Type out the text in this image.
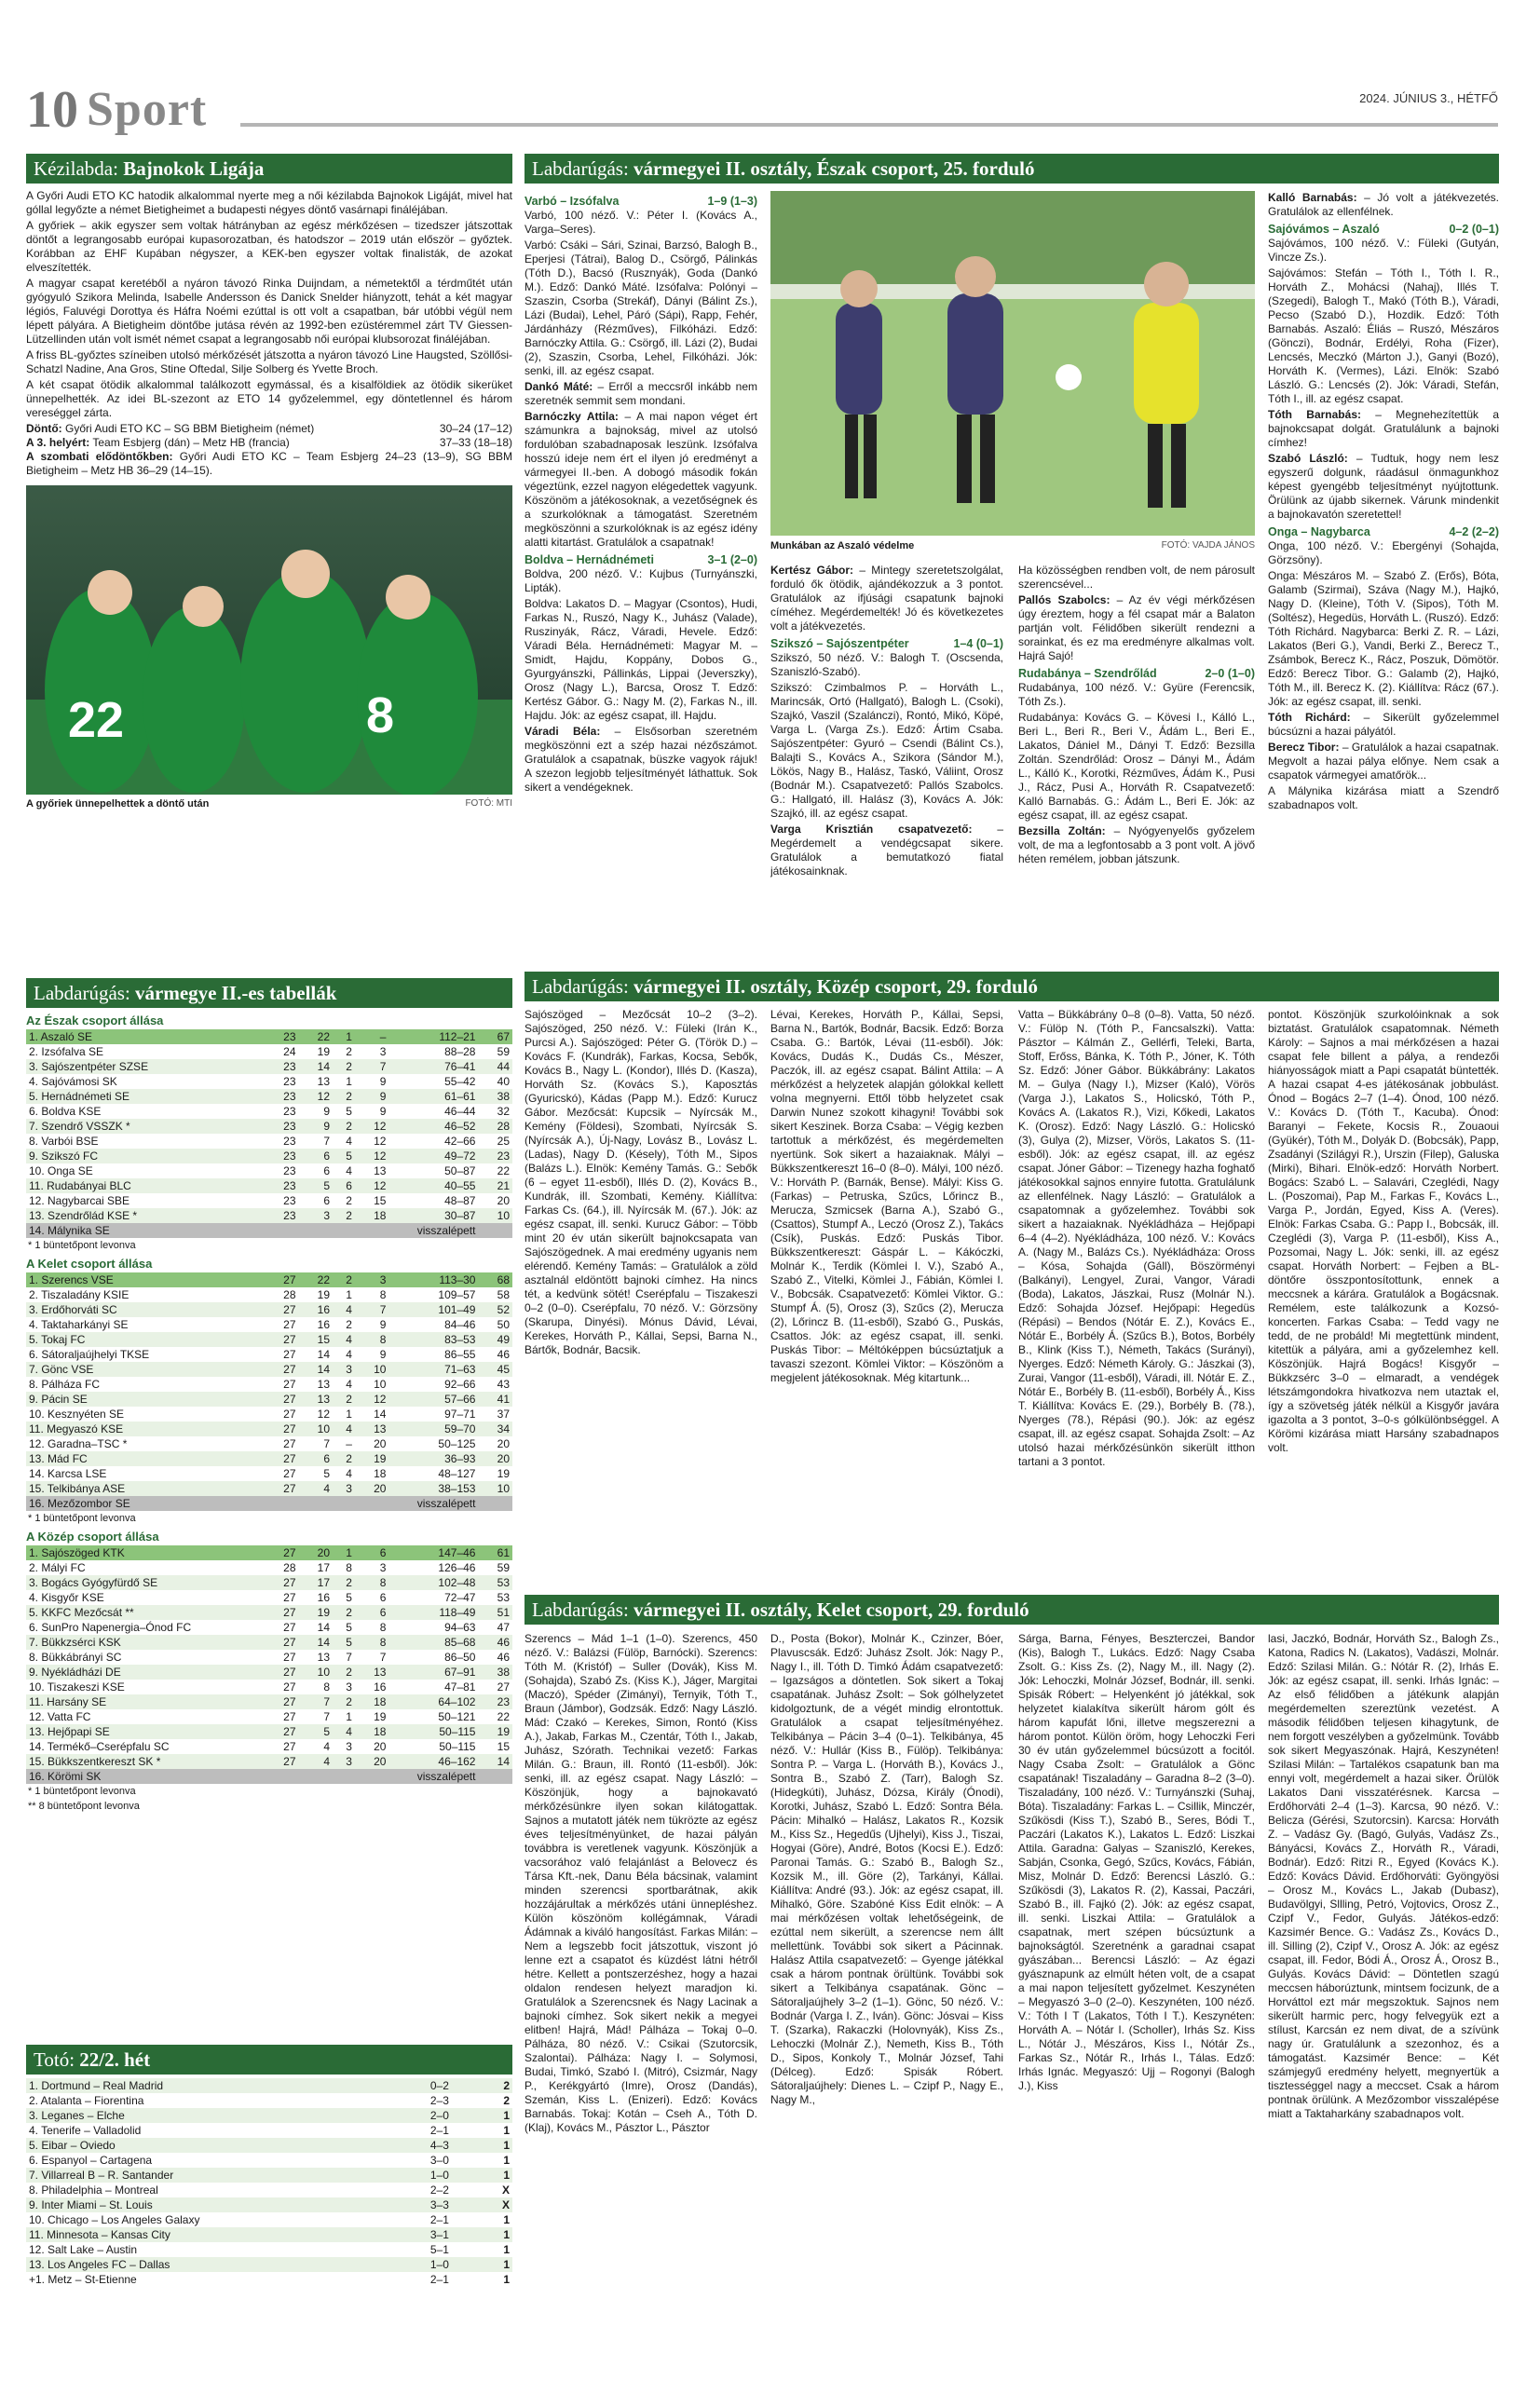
10 Sport	2024. JÚNIUS 3., HÉTFŐ
Kézilabda: Bajnokok Ligája

A Győri Audi ETO KC hatodik alkalommal nyerte meg a női kézilabda Bajnokok Ligáját, mivel hat góllal legyőzte a német Bietigheimet a budapesti négyes döntő vasárnapi fináléjában.

A győriek – akik egyszer sem voltak hátrányban az egész mérkőzésen – tizedszer játszottak döntőt a legrangosabb európai kupasorozatban, és hatodszor – 2019 után először – győztek. Korábban az EHF Kupában négyszer, a KEK-ben egyszer voltak finalisták, de azokat elveszítették.

A magyar csapat keretéből a nyáron távozó Rinka Duijndam, a németektől a térdműtét után gyógyuló Szikora Melinda, Isabelle Andersson és Danick Snelder hiányzott, tehát a két magyar légiós, Faluvégi Dorottya és Háfra Noémi ezúttal is ott volt a csapatban, bár utóbbi végül nem lépett pályára. A Bietigheim döntőbe jutása révén az 1992-ben ezüstéremmel zárt TV Giessen-Lützellinden után volt ismét német csapat a legrangosabb női európai klubsorozat fináléjában.

A friss BL-győztes színeiben utolsó mérkőzését játszotta a nyáron távozó Line Haugsted, Szöllősi-Schatzl Nadine, Ana Gros, Stine Oftedal, Silje Solberg és Yvette Broch.

A két csapat ötödik alkalommal találkozott egymással, és a kisalföldiek az ötödik sikerüket ünnepelhették. Az idei BL-szezont az ETO 14 győzelemmel, egy döntetlennel és három vereséggel zárta.

Döntő: Győri Audi ETO KC – SG BBM Bietigheim (német)	30–24 (17–12)
A 3. helyért: Team Esbjerg (dán) – Metz HB (francia)	37–33 (18–18)
A szombati elődöntőkben: Győri Audi ETO KC – Team Esbjerg 24–23 (13–9), SG BBM Bietigheim – Metz HB 36–29 (14–15).
22	8
A győriek ünnepelhettek a döntő után	FOTÓ: MTI
Labdarúgás: vármegye II.-es tabellák
Az Észak csoport állása
1. Aszaló SE	23	22	1	–	112–21	67
2. Izsófalva SE	24	19	2	3	88–28	59
3. Sajószentpéter SZSE	23	14	2	7	76–41	44
4. Sajóvámosi SK	23	13	1	9	55–42	40
5. Hernádnémeti SE	23	12	2	9	61–61	38
6. Boldva KSE	23	9	5	9	46–44	32
7. Szendrő VSSZK *	23	9	2	12	46–52	28
8. Varbói BSE	23	7	4	12	42–66	25
9. Szikszó FC	23	6	5	12	49–72	23
10. Onga SE	23	6	4	13	50–87	22
11. Rudabányai BLC	23	5	6	12	40–55	21
12. Nagybarcai SBE	23	6	2	15	48–87	20
13. Szendrőlád KSE *	23	3	2	18	30–87	10
14. Málynika SE					visszalépett	
* 1 büntetőpont levonva
A Kelet csoport állása
1. Szerencs VSE	27	22	2	3	113–30	68
2. Tiszaladány KSIE	28	19	1	8	109–57	58
3. Erdőhorváti SC	27	16	4	7	101–49	52
4. Taktaharkányi SE	27	16	2	9	84–46	50
5. Tokaj FC	27	15	4	8	83–53	49
6. Sátoraljaújhelyi TKSE	27	14	4	9	86–55	46
7. Gönc VSE	27	14	3	10	71–63	45
8. Pálháza FC	27	13	4	10	92–66	43
9. Pácin SE	27	13	2	12	57–66	41
10. Kesznyéten SE	27	12	1	14	97–71	37
11. Megyaszó KSE	27	10	4	13	59–70	34
12. Garadna–TSC *	27	7	–	20	50–125	20
13. Mád FC	27	6	2	19	36–93	20
14. Karcsa LSE	27	5	4	18	48–127	19
15. Telkibánya ASE	27	4	3	20	38–153	10
16. Mezőzombor SE					visszalépett	
* 1 büntetőpont levonva
A Közép csoport állása
1. Sajószöged KTK	27	20	1	6	147–46	61
2. Mályi FC	28	17	8	3	126–46	59
3. Bogács Gyógyfürdő SE	27	17	2	8	102–48	53
4. Kisgyőr KSE	27	16	5	6	72–47	53
5. KKFC Mezőcsát **	27	19	2	6	118–49	51
6. SunPro Napenergia–Ónod FC	27	14	5	8	94–63	47
7. Bükkzsérci KSK	27	14	5	8	85–68	46
8. Bükkábrányi SC	27	13	7	7	86–50	46
9. Nyékládházi DE	27	10	2	13	67–91	38
10. Tiszakeszi KSE	27	8	3	16	47–81	27
11. Harsány SE	27	7	2	18	64–102	23
12. Vatta FC	27	7	1	19	50–121	22
13. Hejőpapi SE	27	5	4	18	50–115	19
14. Termékő–Cserépfalu SC	27	4	3	20	50–115	15
15. Bükkszentkereszt SK *	27	4	3	20	46–162	14
16. Körömi SK					visszalépett	
* 1 büntetőpont levonva
** 8 büntetőpont levonva
Totó: 22/2. hét
1. Dortmund – Real Madrid	0–2	2
2. Atalanta – Fiorentina	2–3	2
3. Leganes – Elche	2–0	1
4. Tenerife – Valladolid	2–1	1
5. Eibar – Oviedo	4–3	1
6. Espanyol – Cartagena	3–0	1
7. Villarreal B – R. Santander	1–0	1
8. Philadelphia – Montreal	2–2	X
9. Inter Miami – St. Louis	3–3	X
10. Chicago – Los Angeles Galaxy	2–1	1
11. Minnesota – Kansas City	3–1	1
12. Salt Lake – Austin	5–1	1
13. Los Angeles FC – Dallas	1–0	1
+1. Metz – St-Etienne	2–1	1
Labdarúgás: vármegyei II. osztály, Észak csoport, 25. forduló
Varbó – Izsófalva	1–9 (1–3)

Varbó, 100 néző. V.: Péter I. (Kovács A., Varga–Seres).

Varbó: Csáki – Sári, Szinai, Barzsó, Balogh B., Eperjesi (Tátrai), Balog D., Csörgő, Pálinkás (Tóth D.), Bacsó (Rusznyák), Goda (Dankó M.). Edző: Dankó Máté. Izsófalva: Polónyi – Szaszin, Csorba (Strekáf), Dányi (Bálint Zs.), Lázi (Budai), Lehel, Páró (Sápi), Rapp, Fehér, Járdánházy (Rézműves), Filkóházi. Edző: Barnóczky Attila. G.: Csörgő, ill. Lázi (2), Budai (2), Szaszin, Csorba, Lehel, Filkóházi. Jók: senki, ill. az egész csapat.

Dankó Máté: – Erről a meccsről inkább nem szeretnék semmit sem mondani.

Barnóczky Attila: – A mai napon véget ért számunkra a bajnokság, mivel az utolsó fordulóban szabadnaposak leszünk. Izsófalva hosszú ideje nem ért el ilyen jó eredményt a vármegyei II.-ben. A dobogó második fokán végeztünk, ezzel nagyon elégedettek vagyunk. Köszönöm a játékosoknak, a vezetőségnek és a szurkolóknak a támogatást. Szeretném megköszönni a szurkolóknak is az egész idény alatti kitartást. Gratulálok a csapatnak!

Boldva – Hernádnémeti	3–1 (2–0)

Boldva, 200 néző. V.: Kujbus (Turnyánszki, Lipták).

Boldva: Lakatos D. – Magyar (Csontos), Hudi, Farkas N., Ruszó, Nagy K., Juhász (Valade), Ruszinyák, Rácz, Váradi, Hevele. Edző: Váradi Béla. Hernádnémeti: Magyar M. – Smidt, Hajdu, Koppány, Dobos G., Gyurgyánszki, Pállinkás, Lippai (Jeverszky), Orosz (Nagy L.), Barcsa, Orosz T. Edző: Kertész Gábor. G.: Nagy M. (2), Farkas N., ill. Hajdu. Jók: az egész csapat, ill. Hajdu.

Váradi Béla: – Elsősorban szeretném megköszönni ezt a szép hazai nézőszámot. Gratulálok a csapatnak, büszke vagyok rájuk! A szezon legjobb teljesítményét láthattuk. Sok sikert a vendégeknek.

Munkában az Aszaló védelme	FOTÓ: VAJDA JÁNOS

Kertész Gábor: – Mintegy szeretetszolgálat, forduló ők ötödik, ajándékozzuk a 3 pontot. Gratulálok az ifjúsági csapatunk bajnoki címéhez. Megérdemelték! Jó és következetes volt a játékvezetés.

Szikszó – Sajószentpéter	1–4 (0–1)

Szikszó, 50 néző. V.: Balogh T. (Oscsenda, Szaniszló-Szabó).

Szikszó: Czimbalmos P. – Horváth L., Marincsák, Ortó (Hallgató), Balogh L. (Csoki), Szajkó, Vaszil (Szalánczi), Rontó, Mikó, Köpé, Varga L. (Varga Zs.). Edző: Ártim Csaba. Sajószentpéter: Gyuró – Csendi (Bálint Cs.), Balajti S., Kovács A., Szikora (Sándor M.), Lökös, Nagy B., Halász, Taskó, Váliint, Orosz (Bodnár M.). Csapatvezető: Pallós Szabolcs. G.: Hallgató, ill. Halász (3), Kovács A. Jók: Szajkó, ill. az egész csapat.

Varga Krisztián csapatvezető: – Megérdemelt a vendégcsapat sikere. Gratulálok a bemutatkozó fiatal játékosainknak.

Ha közösségben rendben volt, de nem párosult szerencsével...

Pallós Szabolcs: – Az év végi mérkőzésen úgy éreztem, hogy a fél csapat már a Balaton partján volt. Félidőben sikerült rendezni a sorainkat, és ez ma eredményre alkalmas volt. Hajrá Sajó!

Rudabánya – Szendrőlád	2–0 (1–0)

Rudabánya, 100 néző. V.: Gyüre (Ferencsik, Tóth Zs.).

Rudabánya: Kovács G. – Kövesi I., Kálló L., Beri L., Beri R., Beri V., Ádám L., Beri E., Lakatos, Dániel M., Dányi T. Edző: Bezsilla Zoltán. Szendrőlád: Orosz – Dányi M., Ádám L., Kálló K., Korotki, Rézműves, Ádám K., Pusi J., Rácz, Pusi A., Horváth R. Csapatvezető: Kalló Barnabás. G.: Ádám L., Beri E. Jók: az egész csapat, ill. az egész csapat.

Bezsilla Zoltán: – Nyógyenyelős győzelem volt, de ma a legfontosabb a 3 pont volt. A jövő héten remélem, jobban játszunk.

Kalló Barnabás: – Jó volt a játékvezetés. Gratulálok az ellenfélnek.

Sajóvámos – Aszaló	0–2 (0–1)

Sajóvámos, 100 néző. V.: Füleki (Gutyán, Vincze Zs.).

Sajóvámos: Stefán – Tóth I., Tóth I. R., Horváth Z., Mohácsi (Nahaj), Illés T. (Szegedi), Balogh T., Makó (Tóth B.), Váradi, Pecso (Szabó D.), Hozdik. Edző: Tóth Barnabás. Aszaló: Éliás – Ruszó, Mészáros (Gönczi), Bodnár, Erdélyi, Roha (Fizer), Lencsés, Meczkó (Márton J.), Ganyi (Bozó), Horváth K. (Vermes), Lázi. Elnök: Szabó László. G.: Lencsés (2). Jók: Váradi, Stefán, Tóth I., ill. az egész csapat.

Tóth Barnabás: – Megnehezítettük a bajnokcsapat dolgát. Gratulálunk a bajnoki címhez!

Szabó László: – Tudtuk, hogy nem lesz egyszerű dolgunk, ráadásul önmagunkhoz képest gyengébb teljesítményt nyújtottunk. Örülünk az újabb sikernek. Várunk mindenkit a bajnokavatón szeretettel!

Onga – Nagybarca	4–2 (2–2)

Onga, 100 néző. V.: Ebergényi (Sohajda, Görzsöny).

Onga: Mészáros M. – Szabó Z. (Erős), Bóta, Galamb (Szirmai), Száva (Nagy M.), Hajkó, Nagy D. (Kleine), Tóth V. (Sipos), Tóth M. (Soltész), Hegedüs, Horváth L. (Ruszó). Edző: Tóth Richárd. Nagybarca: Berki Z. R. – Lázi, Lakatos (Beri G.), Vandi, Berki Z., Berecz T., Zsámbok, Berecz K., Rácz, Poszuk, Dömötör. Edző: Berecz Tibor. G.: Galamb (2), Hajkó, Tóth M., ill. Berecz K. (2). Kiállítva: Rácz (67.). Jók: az egész csapat, ill. senki.

Tóth Richárd: – Sikerült győzelemmel búcsúzni a hazai pályától.

Berecz Tibor: – Gratulálok a hazai csapatnak. Megvolt a hazai pálya előnye. Nem csak a csapatok vármegyei amatőrök...

A Málynika kizárása miatt a Szendrő szabadnapos volt.

Labdarúgás: vármegyei II. osztály, Közép csoport, 29. forduló
Sajószöged – Mezőcsát 10–2 (3–2). Sajószöged, 250 néző. V.: Füleki (Irán K., Purcsi A.). Sajószöged: Péter G. (Török D.) – Kovács F. (Kundrák), Farkas, Kocsa, Sebők, Kovács B., Nagy L. (Kondor), Illés D. (Kasza), Horváth Sz. (Kovács S.), Kaposztás (Gyuricskó), Kádas (Papp M.). Edző: Kurucz Gábor. Mezőcsát: Kupcsik – Nyírcsák M., Kemény (Földesi), Szombati, Nyírcsák S. (Nyírcsák A.), Új-Nagy, Lovász B., Lovász L. (Ladas), Nagy D. (Késely), Tóth M., Sipos (Balázs L.). Elnök: Kemény Tamás. G.: Sebők (6 – egyet 11-esből), Illés D. (2), Kovács B., Kundrák, ill. Szombati, Kemény. Kiállítva: Farkas Cs. (64.), ill. Nyírcsák M. (67.). Jók: az egész csapat, ill. senki. Kurucz Gábor: – Több mint 20 év után sikerült bajnokcsapata van Sajószögednek. A mai eredmény ugyanis nem elérendő. Kemény Tamás: – Gratulálok a zöld asztalnál eldöntött bajnoki címhez. Ha nincs tét, a kedvünk sötét! Cserépfalu – Tiszakeszi 0–2 (0–0). Cserépfalu, 70 néző. V.: Görzsöny (Skarupa, Dinyési). Mónus Dávid, Lévai, Kerekes, Horváth P., Kállai, Sepsi, Barna N., Bártők, Bodnár, Bacsik.
Lévai, Kerekes, Horváth P., Kállai, Sepsi, Barna N., Bartók, Bodnár, Bacsik. Edző: Borza Csaba. G.: Bartók, Lévai (11-esből). Jók: Kovács, Dudás K., Dudás Cs., Mészer, Paczók, ill. az egész csapat. Bálint Attila: – A mérkőzést a helyzetek alapján gólokkal kellett volna megnyerni. Ettől több helyzetet csak Darwin Nunez szokott kihagyni! További sok sikert Keszinek. Borza Csaba: – Végig kezben tartottuk a mérkőzést, és megérdemelten nyertünk. Sok sikert a hazaiaknak. Mályi – Bükkszentkereszt 16–0 (8–0). Mályi, 100 néző. V.: Horváth P. (Barnák, Bense). Mályi: Kiss G. (Farkas) – Petruska, Szűcs, Lőrincz B., Merucza, Szmicsek (Barna A.), Szabó G., (Csattos), Stumpf A., Leczó (Orosz Z.), Takács (Csík), Puskás. Edző: Puskás Tibor. Bükkszentkereszt: Gáspár L. – Kákóczki, Molnár K., Terdik (Kömlei I. V.), Szabó A., Szabó Z., Vitelki, Kömlei J., Fábián, Kömlei I. V., Bobcsák. Csapatvezető: Kömlei Viktor. G.: Stumpf Á. (5), Orosz (3), Szűcs (2), Merucza (2), Lőrincz B. (11-esből), Szabó G., Puskás, Csattos. Jók: az egész csapat, ill. senki. Puskás Tibor: – Méltóképpen búcsúztatjuk a tavaszi szezont. Kömlei Viktor: – Köszönöm a megjelent játékosoknak. Még kitartunk...
Vatta – Bükkábrány 0–8 (0–8). Vatta, 50 néző. V.: Fülöp N. (Tóth P., Fancsalszki). Vatta: Pásztor – Kálmán Z., Gellérfi, Teleki, Barta, Stoff, Erőss, Bánka, K. Tóth P., Jóner, K. Tóth Sz. Edző: Jóner Gábor. Bükkábrány: Lakatos M. – Gulya (Nagy I.), Mizser (Kaló), Vörös (Varga J.), Lakatos S., Holicskó, Tóth P., Kovács A. (Lakatos R.), Vizi, Kőkedi, Lakatos K. (Orosz). Edző: Nagy László. G.: Holicskó (3), Gulya (2), Mizser, Vörös, Lakatos S. (11-esből). Jók: az egész csapat, ill. az egész csapat. Jóner Gábor: – Tizenegy hazha foghatő játékosokkal sajnos ennyire futotta. Gratulálunk az ellenfélnek. Nagy László: – Gratulálok a csapatomnak a győzelemhez. További sok sikert a hazaiaknak. Nyékládháza – Hejőpapi 6–4 (4–2). Nyékládháza, 100 néző. V.: Kovács A. (Nagy M., Balázs Cs.). Nyékládháza: Oross – Kósa, Sohajda (Gáll), Böszörményi (Balkányi), Lengyel, Zurai, Vangor, Váradi (Boda), Lakatos, Jászkai, Rusz (Molnár N.). Edző: Sohajda József. Hejőpapi: Hegedüs (Répási) – Bendos (Nótár E. Z.), Kovács E., Nótár E., Borbély Á. (Szűcs B.), Botos, Borbély B., Klink (Kiss T.), Németh, Takács (Surányi), Nyerges. Edző: Németh Károly. G.: Jászkai (3), Zurai, Vangor (11-esből), Váradi, ill. Nótár E. Z., Nótár E., Borbély B. (11-esből), Borbély Á., Kiss T. Kiállítva: Kovács E. (29.), Borbély B. (78.), Nyerges (78.), Répási (90.). Jók: az egész csapat, ill. az egész csapat. Sohajda Zsolt: – Az utolsó hazai mérkőzésünkön sikerült itthon tartani a 3 pontot.
pontot. Köszönjük szurkolóinknak a sok biztatást. Gratulálok csapatomnak. Németh Károly: – Sajnos a mai mérkőzésen a hazai csapat fele billent a pálya, a rendezői hiányosságok miatt a Papi csapatát büntették. A hazai csapat 4-es játékosának jobbulást. Ónod – Bogács 2–7 (1–4). Ónod, 100 néző. V.: Kovács D. (Tóth T., Kacuba). Ónod: Baranyi – Fekete, Kocsis R., Zouaoui (Gyükér), Tóth M., Dolyák D. (Bobcsák), Papp, Zsadányi (Szilágyi R.), Urszin (Filep), Galuska (Mirki), Bihari. Elnök-edző: Horváth Norbert. Bogács: Szabó L. – Salavári, Czeglédi, Nagy L. (Poszomai), Pap M., Farkas F., Kovács L., Varga P., Jordán, Egyed, Kiss A. (Veres). Elnök: Farkas Csaba. G.: Papp I., Bobcsák, ill. Czeglédi (3), Varga P. (11-esből), Kiss A., Pozsomai, Nagy L. Jók: senki, ill. az egész csapat. Horváth Norbert: – Fejben a BL-döntőre összpontosítottunk, ennek a meccsnek a kárára. Gratulálok a Bogácsnak. Remélem, este találkozunk a Kozsó-koncerten. Farkas Csaba: – Tedd vagy ne tedd, de ne probáld! Mi megtettünk mindent, kitettük a pályára, ami a győzelemhez kell. Köszönjük. Hajrá Bogács! Kisgyőr – Bükkzsérc 3–0 – elmaradt, a vendégek létszámgondokra hivatkozva nem utaztak el, így a szövetség játék nélkül a Kisgyőr javára igazolta a 3 pontot, 3–0-s gólkülönbséggel. A Körömi kizárása miatt Harsány szabadnapos volt.
Labdarúgás: vármegyei II. osztály, Kelet csoport, 29. forduló
Szerencs – Mád 1–1 (1–0). Szerencs, 450 néző. V.: Balázsi (Fülöp, Barnócki). Szerencs: Tóth M. (Kristóf) – Suller (Dovák), Kiss M. (Sohajda), Szabó Zs. (Kiss K.), Jáger, Margitai (Maczó), Spéder (Zimányi), Ternyik, Tóth T., Braun (Jámbor), Godzsák. Edző: Nagy László. Mád: Czakó – Kerekes, Simon, Rontó (Kiss A.), Jakab, Farkas M., Czentár, Tóth I., Jakab, Juhász, Szórath. Technikai vezető: Farkas Milán. G.: Braun, ill. Rontó (11-esből). Jók: senki, ill. az egész csapat. Nagy László: – Köszönjük, hogy a bajnokavató mérkőzésünkre ilyen sokan kilátogattak. Sajnos a mutatott játék nem tükrözte az egész éves teljesítményünket, de hazai pályán továbbra is veretlenek vagyunk. Köszönjük a vacsorához való felajánlást a Belovecz és Társa Kft.-nek, Danu Béla bácsinak, valamint minden szerencsi sportbarátnak, akik hozzájárultak a mérkőzés utáni ünnepléshez. Külön köszönöm kollégámnak, Váradi Ádámnak a kiváló hangosítást. Farkas Milán: – Nem a legszebb focit játszottuk, viszont jó lenne ezt a csapatot és küzdést látni hétről hétre. Kellett a pontszerzéshez, hogy a hazai oldalon rendesen helyezt maradjon ki. Gratulálok a Szerencsnek és Nagy Lacinak a bajnoki címhez. Sok sikert nekik a megyei elitben! Hajrá, Mád! Pálháza – Tokaj 0–0. Pálháza, 80 néző. V.: Csikai (Szutorcsik, Szalontai). Pálháza: Nagy I. – Solymosi, Budai, Timkó, Szabó I. (Mitró), Csizmár, Nagy P., Kerékgyártó (Imre), Orosz (Dandás), Szemán, Kiss L. (Enizeri). Edző: Kovács Barnabás. Tokaj: Kotán – Cseh A., Tóth D. (Klaj), Kovács M., Pásztor L., Pásztor
D., Posta (Bokor), Molnár K., Czinzer, Bóer, Plavuscsák. Edző: Juhász Zsolt. Jók: Nagy P., Nagy I., ill. Tóth D. Timkó Ádám csapatvezető: – Igazságos a döntetlen. Sok sikert a Tokaj csapatának. Juhász Zsolt: – Sok gólhelyzetet kidolgoztunk, de a végét mindig elrontottuk. Gratulálok a csapat teljesítményéhez. Telkibánya – Pácin 3–4 (0–1). Telkibánya, 45 néző. V.: Hullár (Kiss B., Fülöp). Telkibánya: Sontra P. – Varga L. (Horváth B.), Kovács J., Sontra B., Szabó Z. (Tarr), Balogh Sz. (Hidegkúti), Juhász, Dózsa, Király (Ónodi), Korotki, Juhász, Szabó L. Edző: Sontra Béla. Pácin: Mihalkó – Halász, Lakatos R., Kozsik M., Kiss Sz., Hegedűs (Ujhelyi), Kiss J., Tiszai, Hogyai (Göre), André, Botos (Kocsi E.). Edző: Paronai Tamás. G.: Szabó B., Balogh Sz., Kozsik M., ill. Göre (2), Tarkányi, Kállai. Kiállítva: André (93.). Jók: az egész csapat, ill. Mihalkó, Göre. Szabóné Kiss Edit elnök: – A mai mérkőzésen voltak lehetőségeink, de ezúttal nem sikerült, a szerencse nem állt mellettünk. További sok sikert a Pácinnak. Halász Attila csapatvezető: – Gyenge játékkal csak a három pontnak örültünk. További sok sikert a Telkibánya csapatának. Gönc – Sátoraljaújhely 3–2 (1–1). Gönc, 50 néző. V.: Bodnár (Varga I. Z., Iván). Gönc: Jósvai – Kiss T. (Szarka), Rakaczki (Holovnyák), Kiss Zs., Lehoczki (Molnár Z.), Nemeth, Kiss B., Tóth D., Sipos, Konkoly T., Molnár József, Tahi (Délceg). Edző: Spisák Róbert. Sátoraljaújhely: Dienes L. – Czipf P., Nagy E., Nagy M.,
Sárga, Barna, Fényes, Beszterczei, Bandor (Kis), Balogh T., Lukács. Edző: Nagy Csaba Zsolt. G.: Kiss Zs. (2), Nagy M., ill. Nagy (2). Jók: Lehoczki, Molnár József, Bodnár, ill. senki. Spisák Róbert: – Helyenként jó játékkal, sok helyzetet kialakítva sikerült három gólt és három kapufát lőni, illetve megszerezni a három pontot. Külön öröm, hogy Lehoczki Feri 30 év után győzelemmel búcsúzott a focitól. Nagy Csaba Zsolt: – Gratulálok a Gönc csapatának! Tiszaladány – Garadna 8–2 (3–0). Tiszaladány, 100 néző. V.: Turnyánszki (Suhaj, Bóta). Tiszaladány: Farkas L. – Csillik, Minczér, Szűkösdi (Kiss T.), Szabó B., Seres, Bódi T., Paczári (Lakatos K.), Lakatos L. Edző: Liszkai Attila. Garadna: Galyas – Szaniszló, Kerekes, Sabján, Csonka, Gegó, Szűcs, Kovács, Fábián, Misz, Molnár D. Edző: Berencsi László. G.: Szűkösdi (3), Lakatos R. (2), Kassai, Paczári, Szabó B., ill. Fajkó (2). Jók: az egész csapat, ill. senki. Liszkai Attila: – Gratulálok a csapatnak, mert szépen búcsúztunk a bajnokságtól. Szeretnénk a garadnai csapat gyászában... Berencsi László: – Az égazi gyásznapunk az elmúlt héten volt, de a csapat a mai napon teljesített győzelmet. Keszynéten – Megyaszó 3–0 (2–0). Keszynéten, 100 néző. V.: Tóth I T (Lakatos, Tóth I T.). Keszynéten: Horváth A. – Nótár I. (Scholler), Irhás Sz. Kiss L., Nótár J., Mészáros, Kiss I., Nótár Zs., Farkas Sz., Nótár R., Irhás I., Tálas. Edző: Irhás Ignác. Megyaszó: Ujj – Rogonyi (Balogh J.), Kiss
lasi, Jaczkó, Bodnár, Horváth Sz., Balogh Zs., Katona, Radics N. (Lakatos), Vadászi, Molnár. Edző: Szilasi Milán. G.: Nótár R. (2), Irhás E. Jók: az egész csapat, ill. senki. Irhás Ignác: – Az első félidőben a játékunk alapján megérdemelten szereztünk vezetést. A második félidőben teljesen kihagytunk, de nem forgott veszélyben a győzelmünk. Tovább sok sikert Megyaszónak. Hajrá, Keszynéten! Szilasi Milán: – Tartalékos csapatunk ban ma ennyi volt, megérdemelt a hazai siker. Örülök Lakatos Dani visszatérésnek. Karcsa – Erdőhorváti 2–4 (1–3). Karcsa, 90 néző. V.: Belicza (Gérési, Szutorcsin). Karcsa: Horváth Z. – Vadász Gy. (Bagó, Gulyás, Vadász Zs., Bányácsi, Kovács Z., Horváth R., Váradi, Bodnár). Edző: Ritzi R., Egyed (Kovács K.). Edző: Kovács Dávid. Erdőhorváti: Gyöngyösi – Orosz M., Kovács L., Jakab (Dubasz), Budavölgyi, Sllling, Petró, Vojtovics, Orosz Z., Czipf V., Fedor, Gulyás. Játékos-edző: Kazsimér Bence. G.: Vadász Zs., Kovács D., ill. Silling (2), Czipf V., Orosz A. Jók: az egész csapat, ill. Fedor, Bódi Á., Orosz Á., Orosz B., Gulyás. Kovács Dávid: – Döntetlen szagú meccsen háborúztunk, mintsem focizunk, de a Horváttol ezt már megszoktuk. Sajnos nem sikerült harmic perc, hogy felvegyük ezt a stílust, Karcsán ez nem divat, de a szívünk nagy úr. Gratulálunk a szezonhoz, és a támogatást. Kazsimér Bence: – Két számjegyű eredmény helyett, megnyertük a tisztességgel nagy a meccset. Csak a három pontnak örülünk. A Mezőzombor visszalépése miatt a Taktaharkány szabadnapos volt.
